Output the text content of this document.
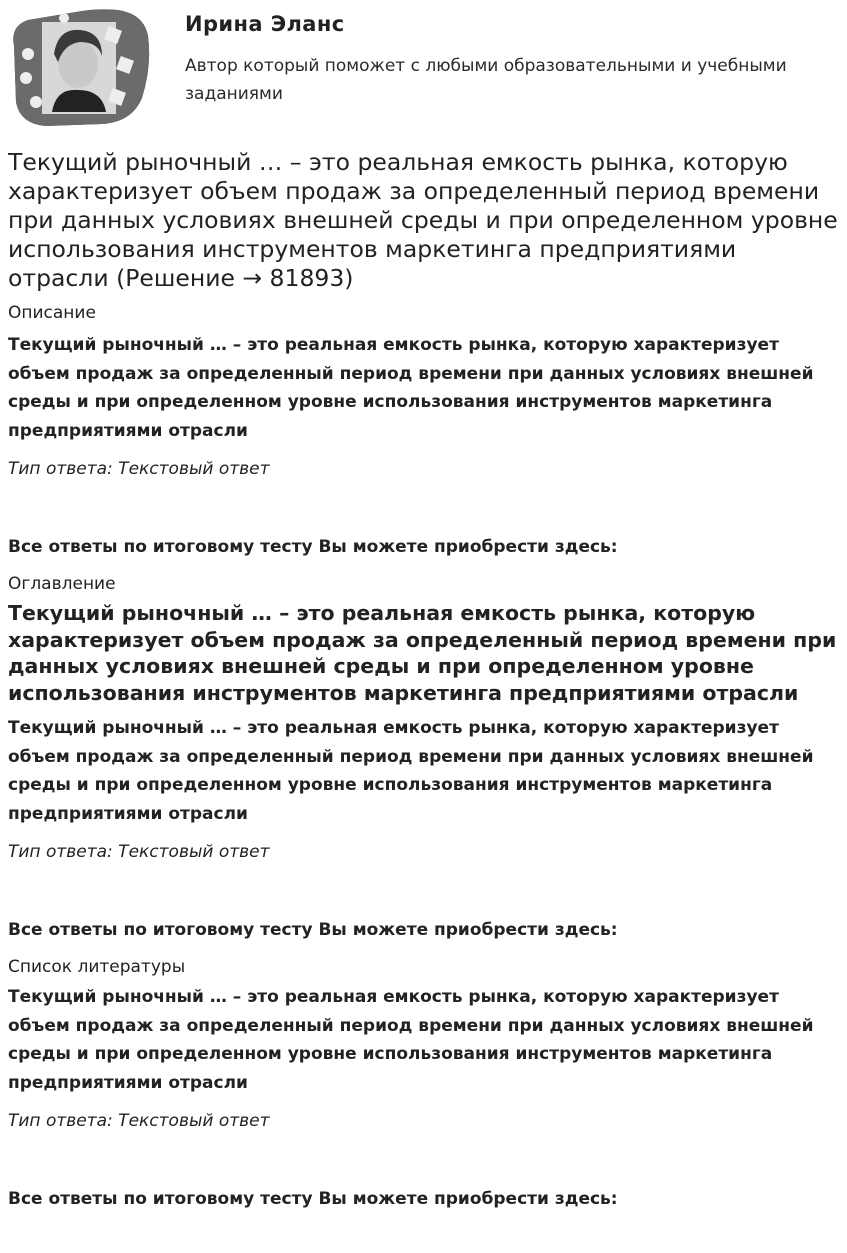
Ирина Эланс
Автор который поможет с любыми образовательными и учебными заданиями
Текущий рыночный … – это реальная емкость рынка, которую характеризует объем продаж за определенный период времени при данных условиях внешней среды и при определенном уровне использования инструментов маркетинга предприятиями отрасли (Решение → 81893)
Описание

Текущий рыночный … – это реальная емкость рынка, которую характеризует объем продаж за определенный период времени при данных условиях внешней среды и при определенном уровне использования инструментов маркетинга предприятиями отрасли

Тип ответа: Текстовый ответ

Все ответы по итоговому тесту Вы можете приобрести здесь:

Оглавление

Текущий рыночный … – это реальная емкость рынка, которую характеризует объем продаж за определенный период времени при данных условиях внешней среды и при определенном уровне использования инструментов маркетинга предприятиями отрасли

Текущий рыночный … – это реальная емкость рынка, которую характеризует объем продаж за определенный период времени при данных условиях внешней среды и при определенном уровне использования инструментов маркетинга предприятиями отрасли

Тип ответа: Текстовый ответ

Все ответы по итоговому тесту Вы можете приобрести здесь:

Список литературы

Текущий рыночный … – это реальная емкость рынка, которую характеризует объем продаж за определенный период времени при данных условиях внешней среды и при определенном уровне использования инструментов маркетинга предприятиями отрасли

Тип ответа: Текстовый ответ

Все ответы по итоговому тесту Вы можете приобрести здесь:
